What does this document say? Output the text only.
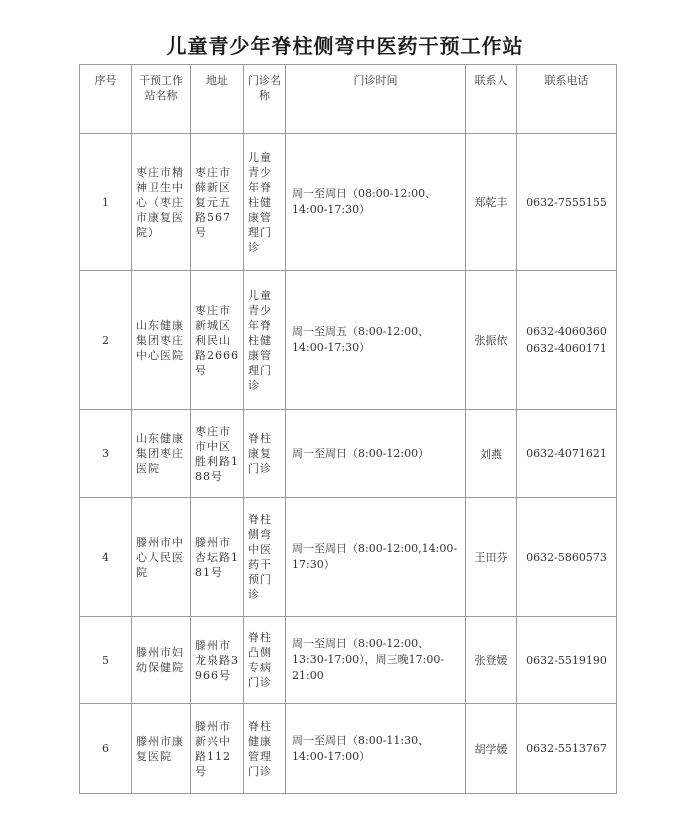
儿童青少年脊柱侧弯中医药干预工作站
序号	干预工作站名称	地址	门诊名称	门诊时间	联系人	联系电话
1	枣庄市精神卫生中心（枣庄市康复医院）	枣庄市薛新区复元五路567号	儿童青少年脊柱健康管理门诊	周一至周日（08:00-12:00、14:00-17:30）	郑乾丰	0632-7555155

2	山东健康集团枣庄中心医院	枣庄市新城区利民山路2666号	儿童青少年脊柱健康管理门诊	周一至周五（8:00-12:00、14:00-17:30）	张振依	0632-4060360
0632-4060171

3	山东健康集团枣庄医院	枣庄市市中区胜利路188号	脊柱康复门诊	周一至周日（8:00-12:00）	刘燕	0632-4071621

4	滕州市中心人民医院	滕州市杏坛路181号	脊柱侧弯中医药干预门诊	周一至周日（8:00-12:00,14:00-17:30）	王田芬	0632-5860573

5	滕州市妇幼保健院	滕州市龙泉路3966号	脊柱凸侧专病门诊	周一至周日（8:00-12:00、13:30-17:00），周三晚17:00-21:00	张登媛	0632-5519190

6	滕州市康复医院	滕州市新兴中路112号	脊柱健康管理门诊	周一至周日（8:00-11:30、14:00-17:00）	胡学媛	0632-5513767
